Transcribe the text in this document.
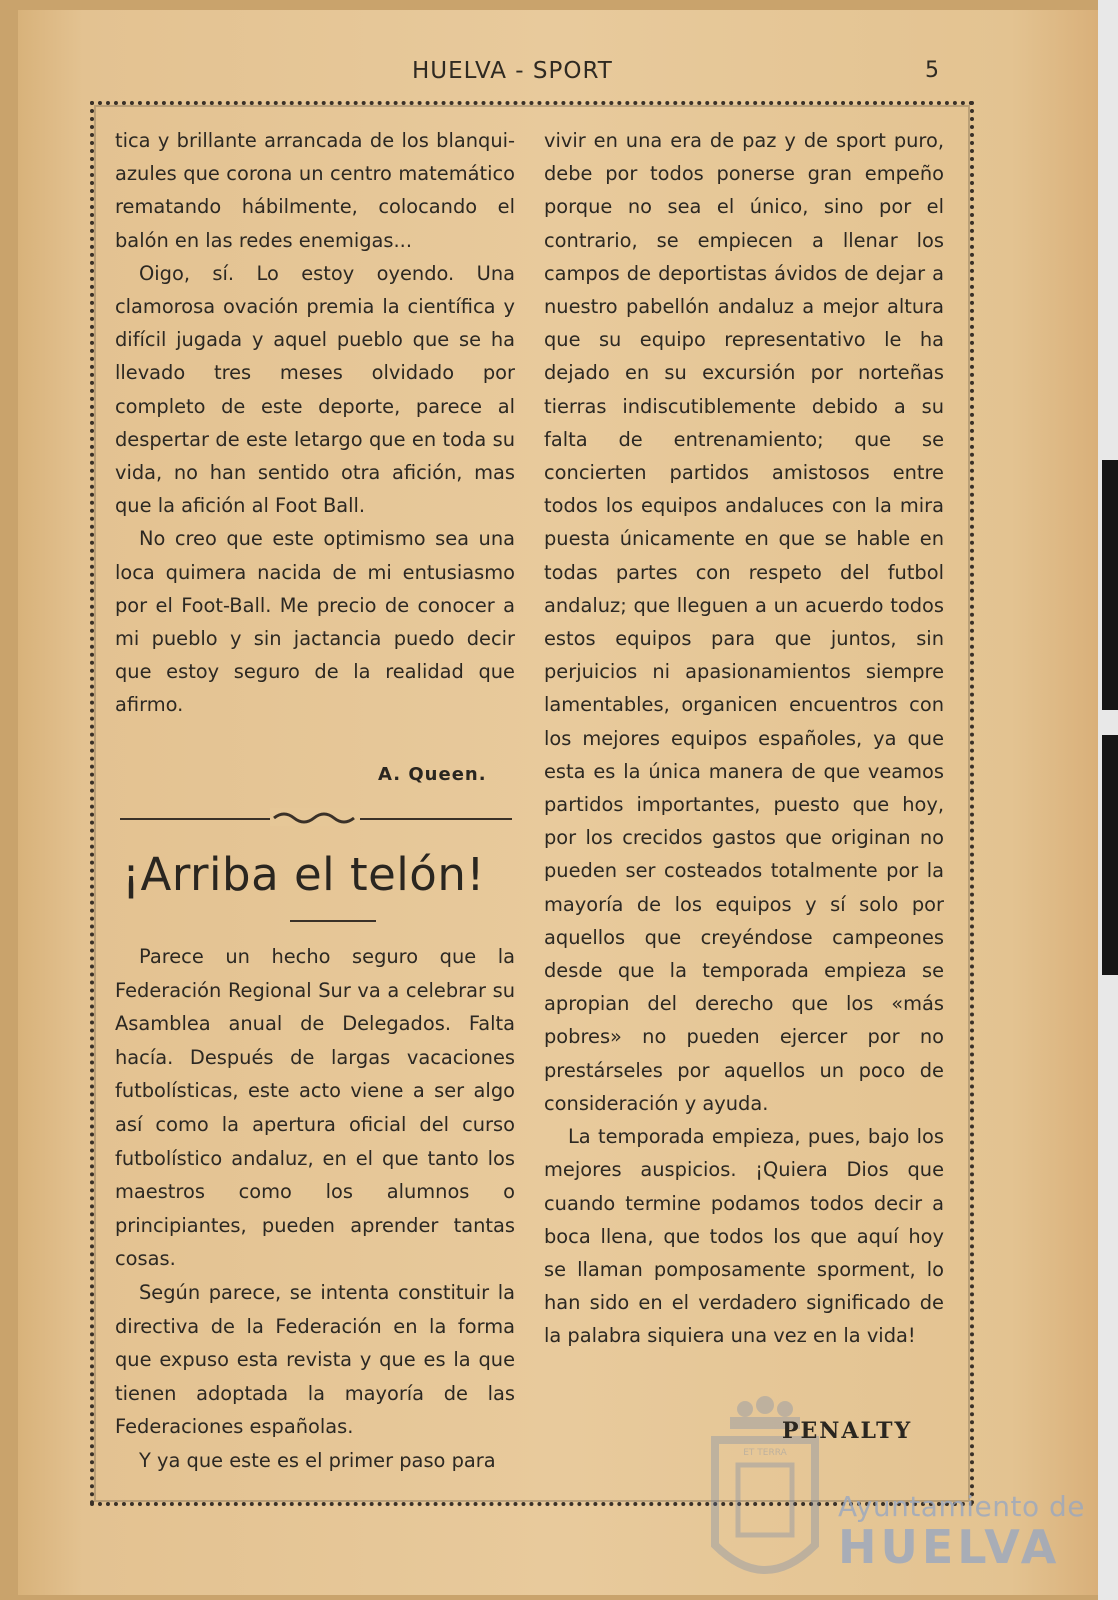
HUELVA - SPORT	5

tica y brillante arrancada de los blanqui-azules que corona un centro matemático rematando hábilmente, colocando el balón en las redes enemigas...

Oigo, sí. Lo estoy oyendo. Una clamorosa ovación premia la científica y difícil jugada y aquel pueblo que se ha llevado tres meses olvidado por completo de este deporte, parece al despertar de este letargo que en toda su vida, no han sentido otra afición, mas que la afición al Foot Ball.

No creo que este optimismo sea una loca quimera nacida de mi entusiasmo por el Foot-Ball. Me precio de conocer a mi pueblo y sin jactancia puedo decir que estoy seguro de la realidad que afirmo.

A. Queen.
¡Arriba el telón!

Parece un hecho seguro que la Federación Regional Sur va a celebrar su Asamblea anual de Delegados. Falta hacía. Después de largas vacaciones futbolísticas, este acto viene a ser algo así como la apertura oficial del curso futbolístico andaluz, en el que tanto los maestros como los alumnos o principiantes, pueden aprender tantas cosas.

Según parece, se intenta constituir la directiva de la Federación en la forma que expuso esta revista y que es la que tienen adoptada la mayoría de las Federaciones españolas.

Y ya que este es el primer paso para

vivir en una era de paz y de sport puro, debe por todos ponerse gran empeño porque no sea el único, sino por el contrario, se empiecen a llenar los campos de deportistas ávidos de dejar a nuestro pabellón andaluz a mejor altura que su equipo representativo le ha dejado en su excursión por norteñas tierras indiscutiblemente debido a su falta de entrenamiento; que se concierten partidos amistosos entre todos los equipos andaluces con la mira puesta únicamente en que se hable en todas partes con respeto del futbol andaluz; que lleguen a un acuerdo todos estos equipos para que juntos, sin perjuicios ni apasionamientos siempre lamentables, organicen encuentros con los mejores equipos españoles, ya que esta es la única manera de que veamos partidos importantes, puesto que hoy, por los crecidos gastos que originan no pueden ser costeados totalmente por la mayoría de los equipos y sí solo por aquellos que creyéndose campeones desde que la temporada empieza se apropian del derecho que los «más pobres» no pueden ejercer por no prestárseles por aquellos un poco de consideración y ayuda.

La temporada empieza, pues, bajo los mejores auspicios. ¡Quiera Dios que cuando termine podamos todos decir a boca llena, que todos los que aquí hoy se llaman pomposamente sporment, lo han sido en el verdadero significado de la palabra siquiera una vez en la vida!

ET TERRA
PENALTY
Ayuntamiento de
HUELVA
